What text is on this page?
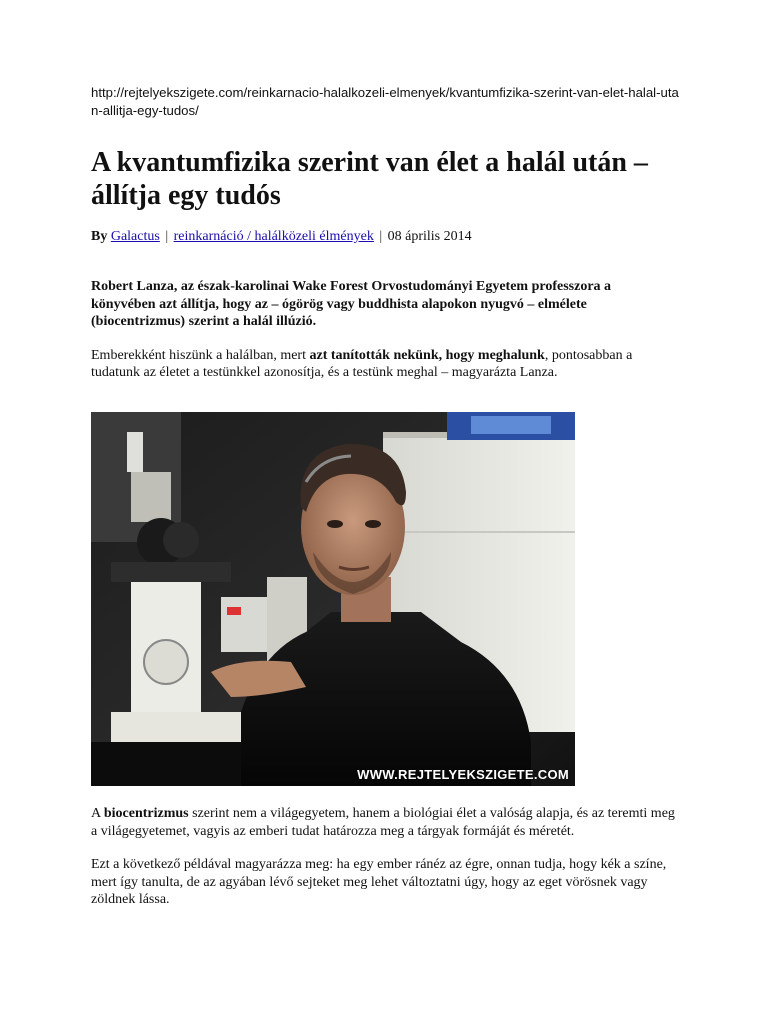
http://rejtelyekszigete.com/reinkarnacio-halalkozeli-elmenyek/kvantumfizika-szerint-van-elet-halal-utan-allitja-egy-tudos/

A kvantumfizika szerint van élet a halál után – állítja egy tudós

By Galactus | reinkarnáció / halálközeli élmények | 08 április 2014

Robert Lanza, az észak-karolinai Wake Forest Orvostudományi Egyetem professzora a könyvében azt állítja, hogy az – ógörög vagy buddhista alapokon nyugvó – elmélete (biocentrizmus) szerint a halál illúzió.

Emberekként hiszünk a halálban, mert azt tanították nekünk, hogy meghalunk, pontosabban a tudatunk az életet a testünkkel azonosítja, és a testünk meghal – magyarázta Lanza.

WWW.REJTELYEKSZIGETE.COM

A biocentrizmus szerint nem a világegyetem, hanem a biológiai élet a valóság alapja, és az teremti meg a világegyetemet, vagyis az emberi tudat határozza meg a tárgyak formáját és méretét.

Ezt a következő példával magyarázza meg: ha egy ember ránéz az égre, onnan tudja, hogy kék a színe, mert így tanulta, de az agyában lévő sejteket meg lehet változtatni úgy, hogy az eget vörösnek vagy zöldnek lássa.
